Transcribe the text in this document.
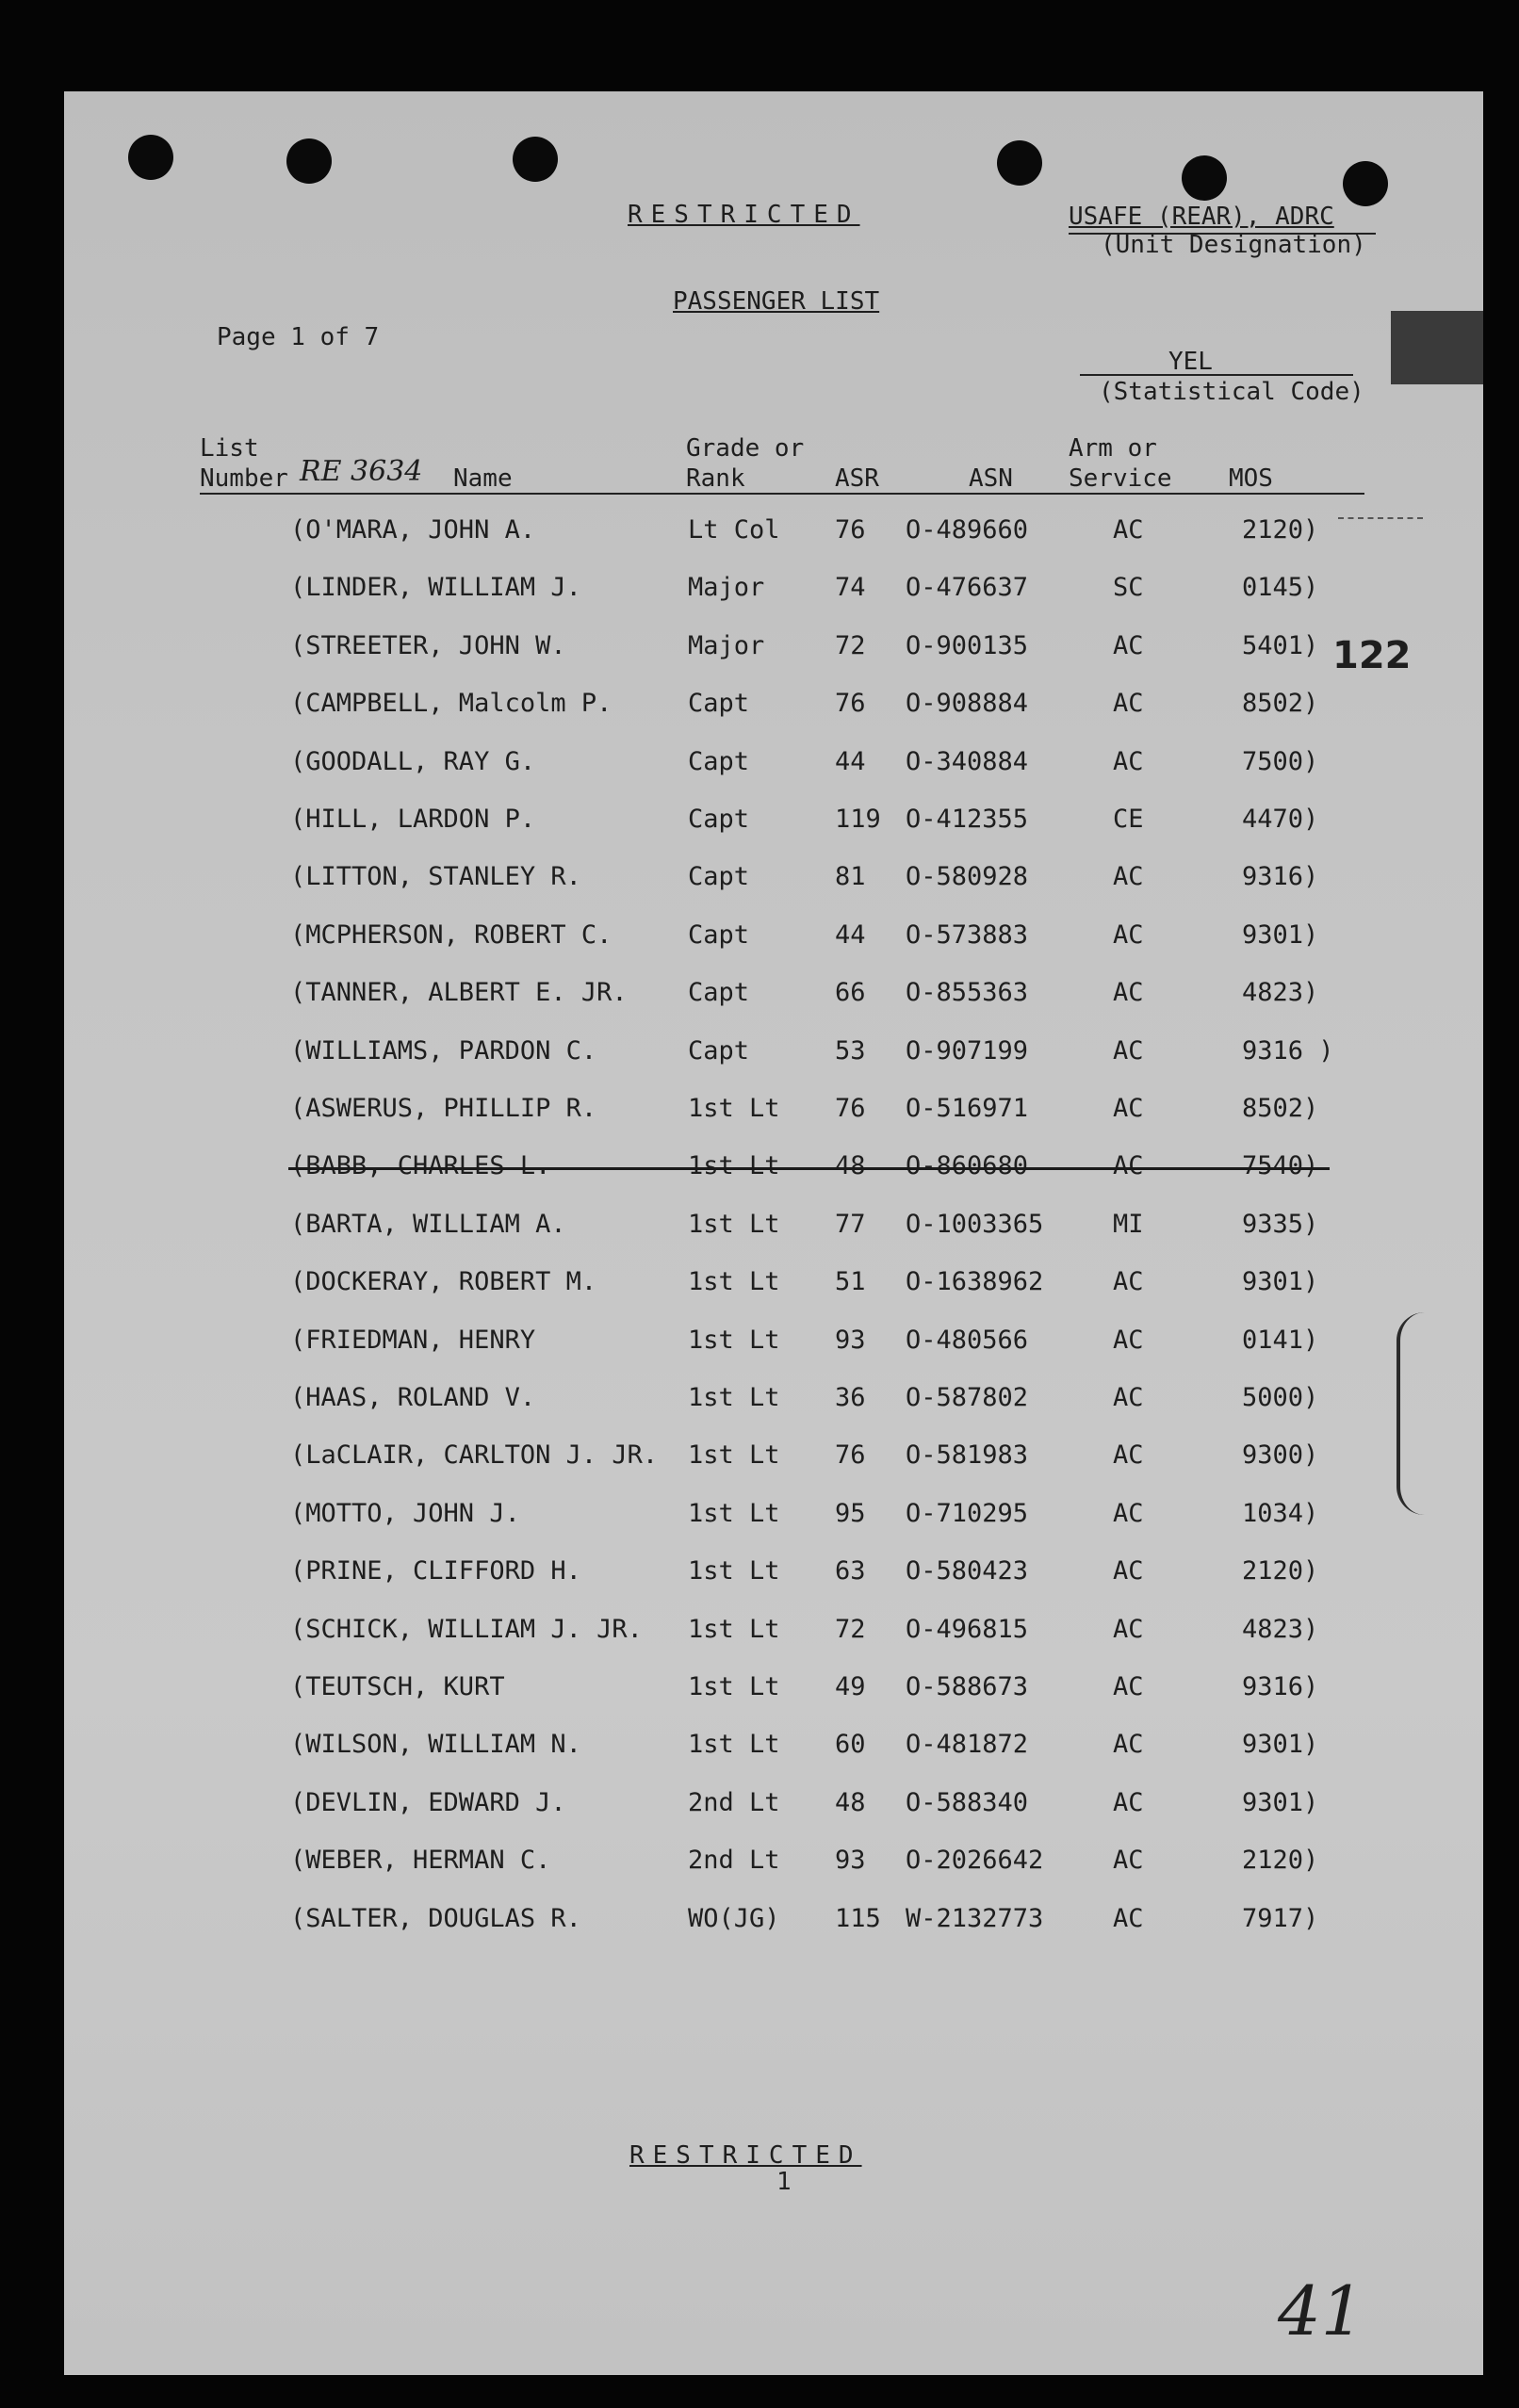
RESTRICTED	USAFE (REAR), ADRC
(Unit Designation)
PASSENGER LIST
Page 1 of 7
YEL
(Statistical Code)
List
Number RE 3634 Name
Grade or
Rank	ASR	ASN
Arm or
Service MOS
(O'MARA, JOHN A.	Lt Col 76 O-489660	AC	2120)
(LINDER, WILLIAM J.	Major	74 O-476637	SC	0145)
(STREETER, JOHN W.	Major	72 O-900135	AC	5401)
(CAMPBELL, Malcolm P.	Capt	76 O-908884	AC	8502)
(GOODALL, RAY G.	Capt	44 O-340884	AC	7500)
(HILL, LARDON P.	Capt	119 O-412355	CE	4470)
(LITTON, STANLEY R.	Capt	81 O-580928	AC	9316)
(MCPHERSON, ROBERT C.	Capt	44 O-573883	AC	9301)
(TANNER, ALBERT E. JR. Capt	66 O-855363	AC	4823)
(WILLIAMS, PARDON C.	Capt	53 O-907199	AC	9316 )
(ASWERUS, PHILLIP R.	1st Lt 76 O-516971	AC	8502)
(BABB, CHARLES L.	1st Lt 48 O-860680	AC	7540)
(BARTA, WILLIAM A.	1st Lt 77 O-1003365	MI	9335)
(DOCKERAY, ROBERT M.	1st Lt 51 O-1638962	AC	9301)
(FRIEDMAN, HENRY	1st Lt 93 O-480566	AC	0141)
(HAAS, ROLAND V.	1st Lt 36 O-587802	AC	5000)
(LaCLAIR, CARLTON J. JR. 1st Lt 76 O-581983	AC	9300)
(MOTTO, JOHN J.	1st Lt 95 O-710295	AC	1034)
(PRINE, CLIFFORD H.	1st Lt 63 O-580423	AC	2120)
(SCHICK, WILLIAM J. JR. 1st Lt 72 O-496815	AC	4823)
(TEUTSCH, KURT	1st Lt 49 O-588673	AC	9316)
(WILSON, WILLIAM N.	1st Lt 60 O-481872	AC	9301)
(DEVLIN, EDWARD J.	2nd Lt 48 O-588340	AC	9301)
(WEBER, HERMAN C.	2nd Lt 93 O-2026642	AC	2120)
(SALTER, DOUGLAS R.	WO(JG) 115 W-2132773	AC	7917)
122
RESTRICTED
1
41
